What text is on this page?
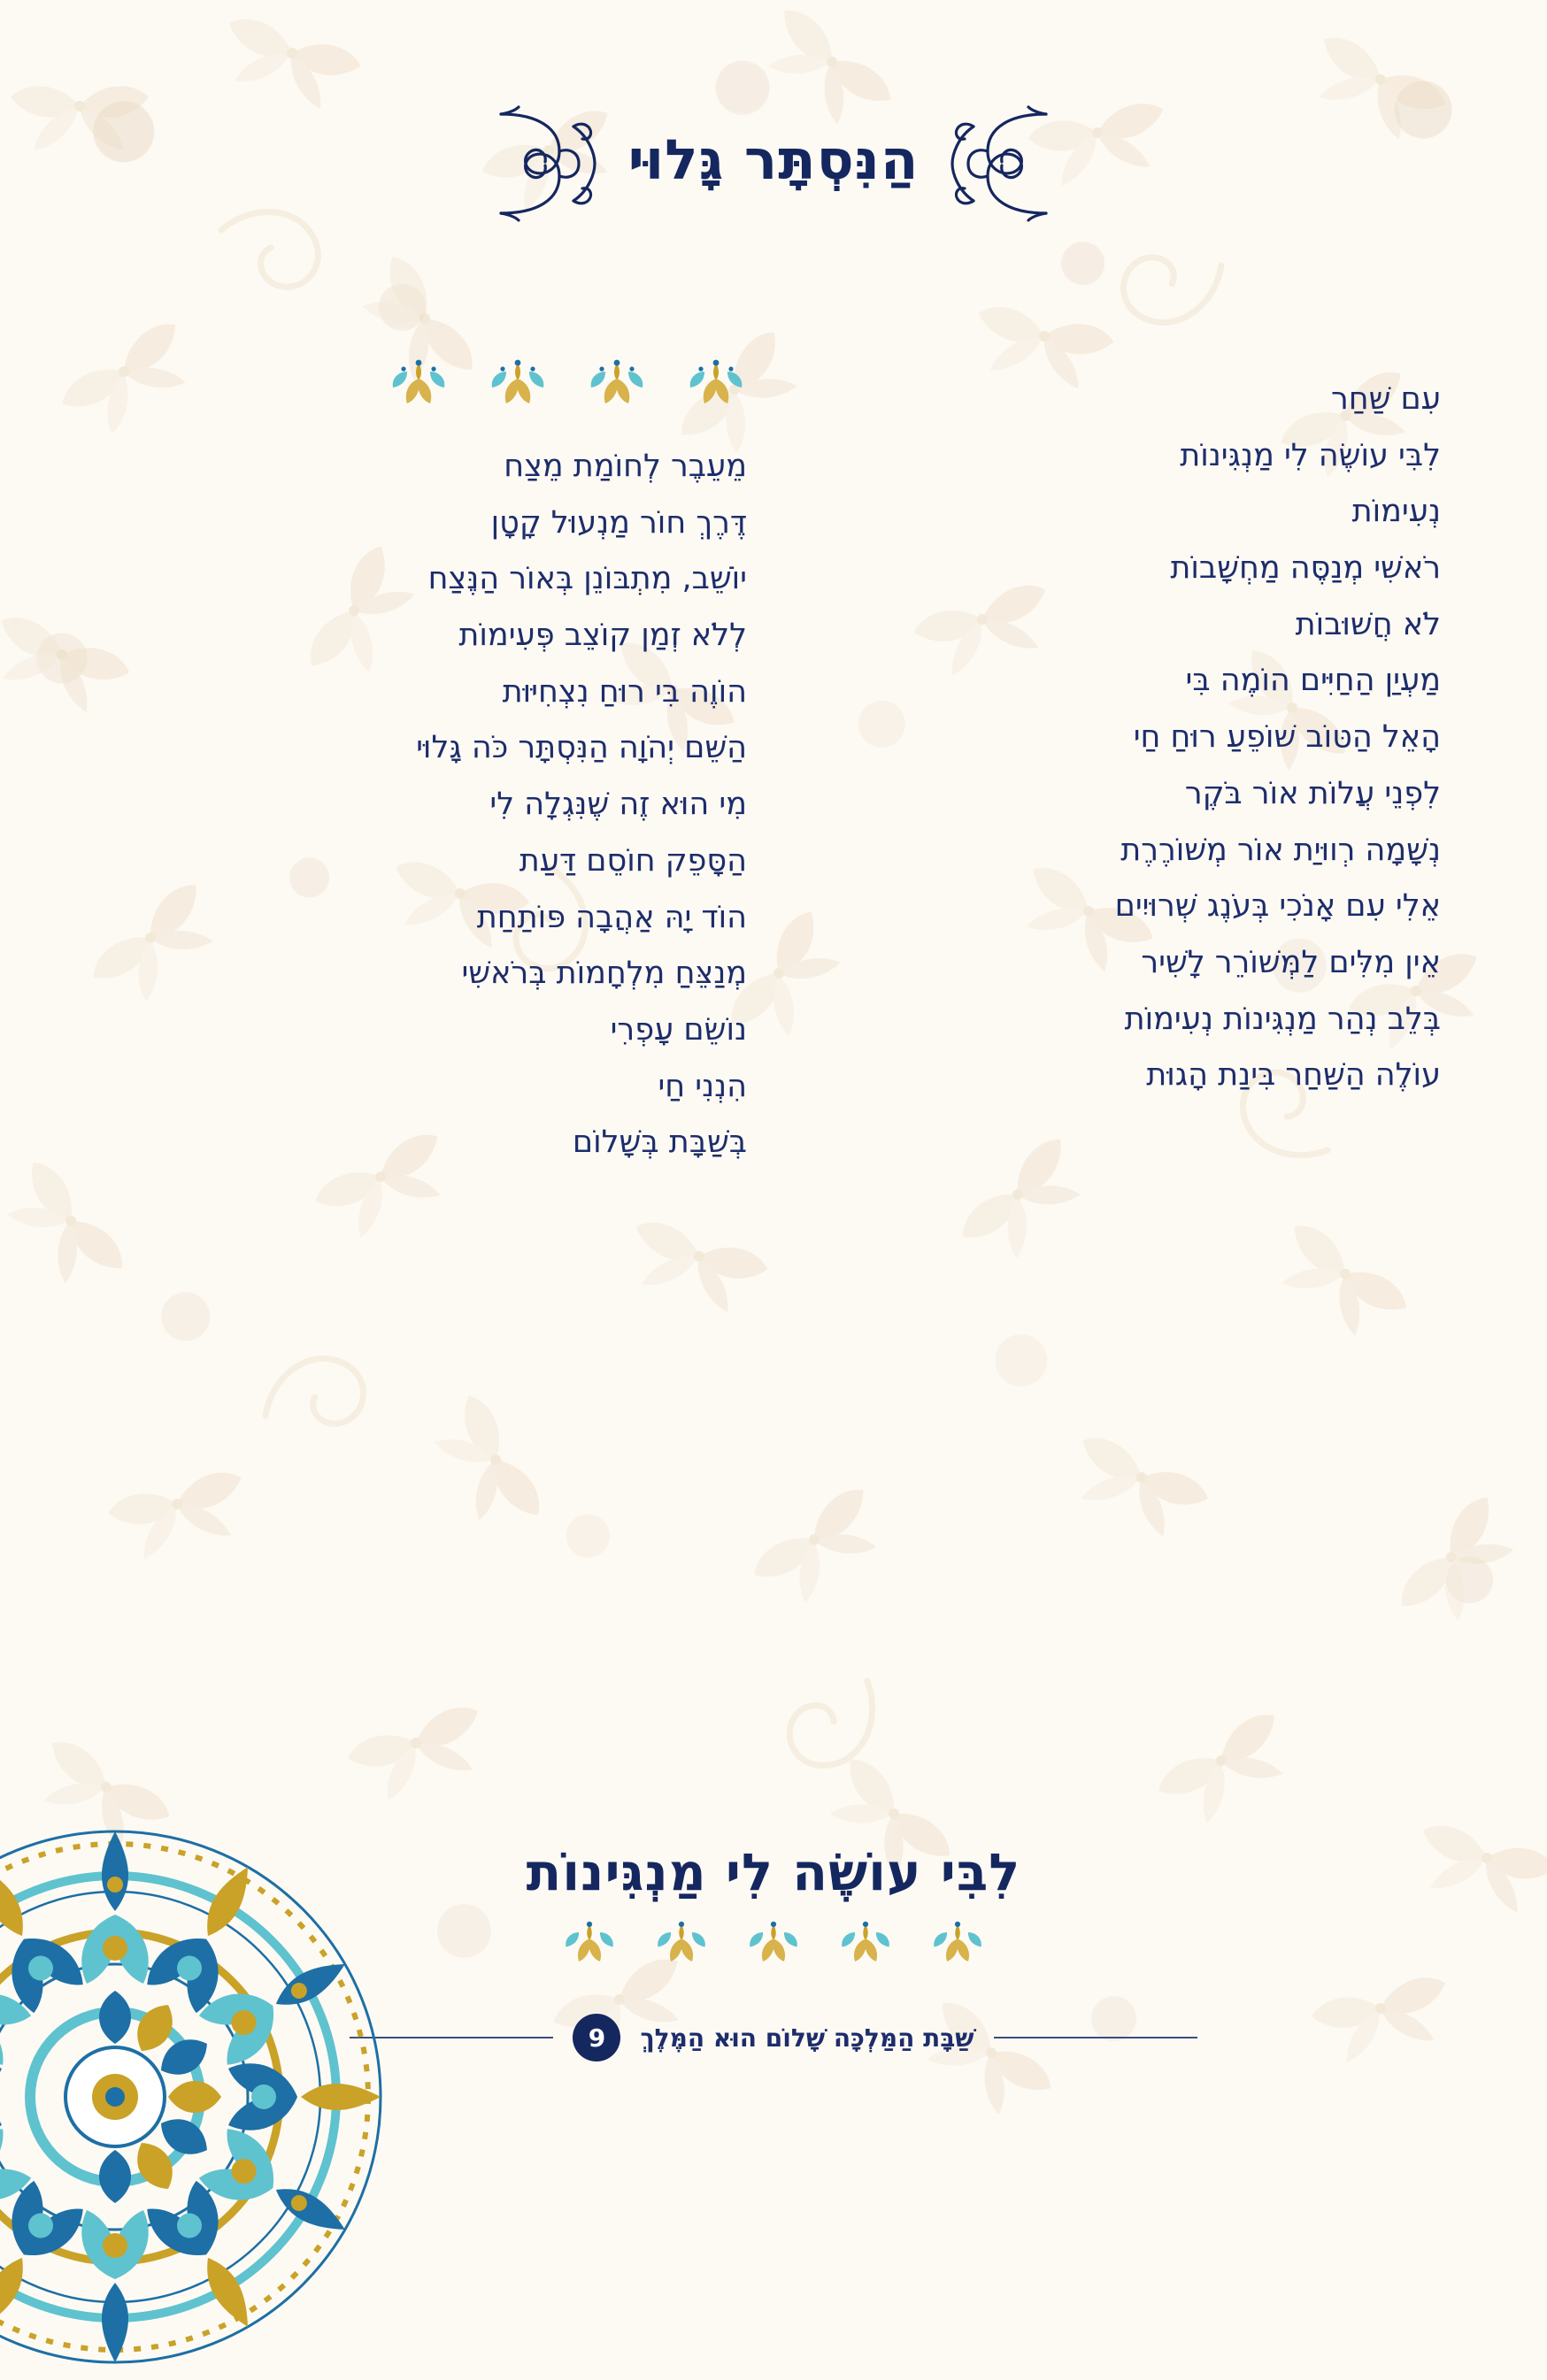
הַנִּסְתָּר גָּלוּי
עִם שַׁחַר
לִבִּי עוֹשֶׂה לִי מַנְגִּינוֹת
נְעִימוֹת
רֹאשִׁי מְנַסֶּה מַחְשָׁבוֹת
לֹא חֲשׁוּבוֹת
מַעְיַן הַחַיִּים הוֹמֶה בִּי
הָאֵל הַטּוֹב שׁוֹפֵעַ רוּחַ חַי
לִפְנֵי עֲלוֹת אוֹר בֹּקֶר
נְשָׁמָה רְווּיַת אוֹר מְשׁוֹרֶרֶת
אֵלִי עִם אָנֹכִי בְּעֹנֶג שְׁרוּיִים
אֵין מִלִּים לַמְּשׁוֹרֵר לָשִׁיר
בְּלֵב נְהַר מַנְגִּינוֹת נְעִימוֹת
עוֹלֶה הַשַּׁחַר בִּינַת הָגוּת
מֵעֵבֶר לְחוֹמַת מֵצַח
דֶּרֶךְ חוֹר מַנְעוּל קָטָן
יוֹשֵׁב, מִתְבּוֹנֵן בְּאוֹר הַנֶּצַח
לְלֹא זְמַן קוֹצֵב פְּעִימוֹת
הוֹוֶה בִּי רוּחַ נִצְחִיּוּת
הַשֵּׁם יְהֹוָה הַנִּסְתָּר כֹּה גָּלוּי
מִי הוּא זֶה שֶׁנִּגְלָה לִי
הַסָּפֵק חוֹסֵם דַּעַת
הוֹד יָהּ אַהֲבָה פּוֹתַחַת
מְנַצֵּחַ מִלְחָמוֹת בְּרֹאשִׁי
נוֹשֵׂם עָפְרִי
הִנְנִי חַי
בְּשַׁבָּת בְּשָׁלוֹם
לִבִּי עוֹשֶׂה לִי מַנְגִּינוֹת
שַׁבָּת הַמַּלְכָּה שָׁלוֹם הוּא הַמֶּלֶךְ
9
